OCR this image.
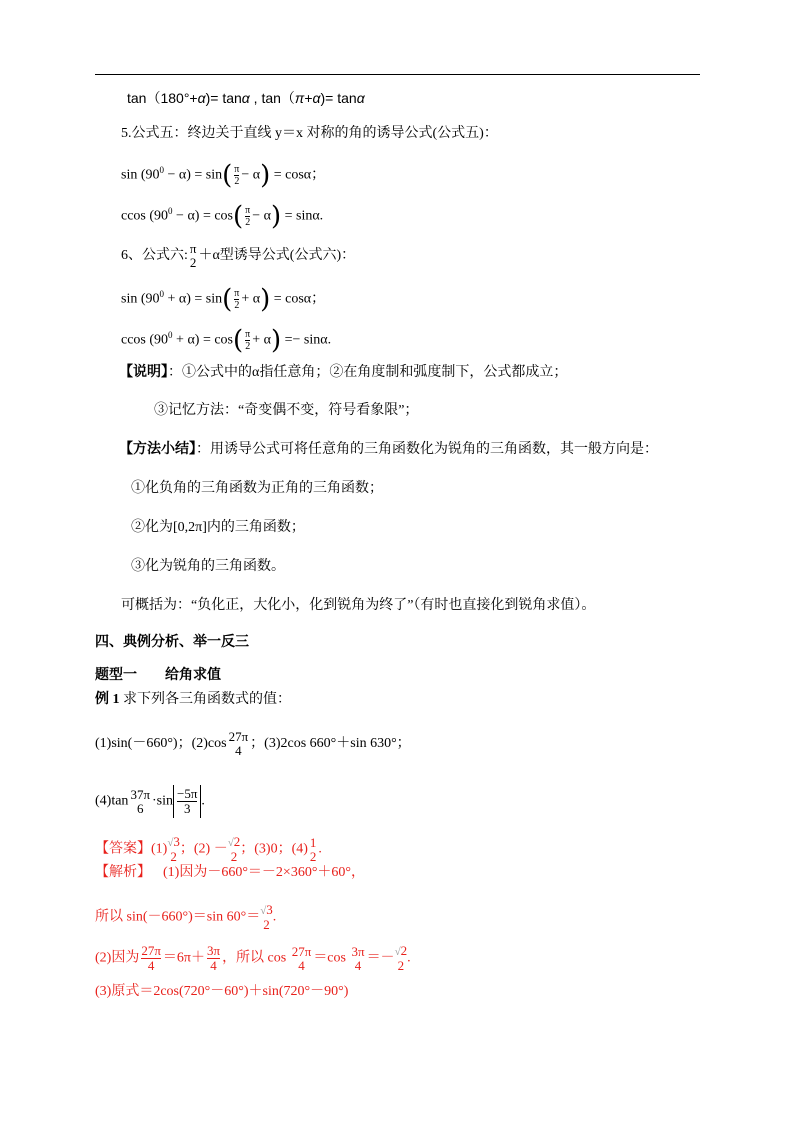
tan（180°+α)= tanα , tan（π+α)= tanα
5.公式五：终边关于直线 y＝x 对称的角的诱导公式(公式五)：
$\sin (90^0 - \alpha) = \sin( \frac{\pi}{2} - \alpha) = \cos\alpha$；
ccos $(90^0 - \alpha) = \cos( \frac{\pi}{2} - \alpha) = \sin\alpha$.
6、公式六: π
2 ＋α型诱导公式(公式六)：
$\sin (90^0 + \alpha) = \sin( \frac{\pi}{2} + \alpha) = \cos\alpha$；
ccos $(90^0 + \alpha) = \cos( \frac{\pi}{2} + \alpha) =- \sin\alpha$.
【说明】：①公式中的α指任意角；②在角度制和弧度制下，公式都成立；
③记忆方法：“奇变偶不变，符号看象限”；
【方法小结】：用诱导公式可将任意角的三角函数化为锐角的三角函数，其一般方向是：
①化负角的三角函数为正角的三角函数；
②化为[0,2π]内的三角函数；
③化为锐角的三角函数。
可概括为：“负化正，大化小，化到锐角为终了”（有时也直接化到锐角求值）。
四、典例分析、举一反三
题型一 给角求值
例 1 求下列各三角函数式的值：
(1)sin(－660°)；(2)cos 27π
4 ；(3)2cos 660°＋sin 630°；
(4)tan 37π
$6 \cdot\sin \frac{-5\pi}{3}$ .
【答案】(1) √3
2 ；(2) － √2
2 ；(3)0；(4) 1
2 .
【解析】 (1)因为－660°＝－2×360°＋60°，
所以 sin(－660°)＝sin 60°＝ √3
2 .
(2)因为 $\frac{27\pi}{4} =6\pi+ \frac{3\pi}{4}$ ，所以 cos 27π
4 ＝cos 3π
4 ＝－ √2
2 .
(3)原式＝2cos(720°－60°)＋sin(720°－90°)
